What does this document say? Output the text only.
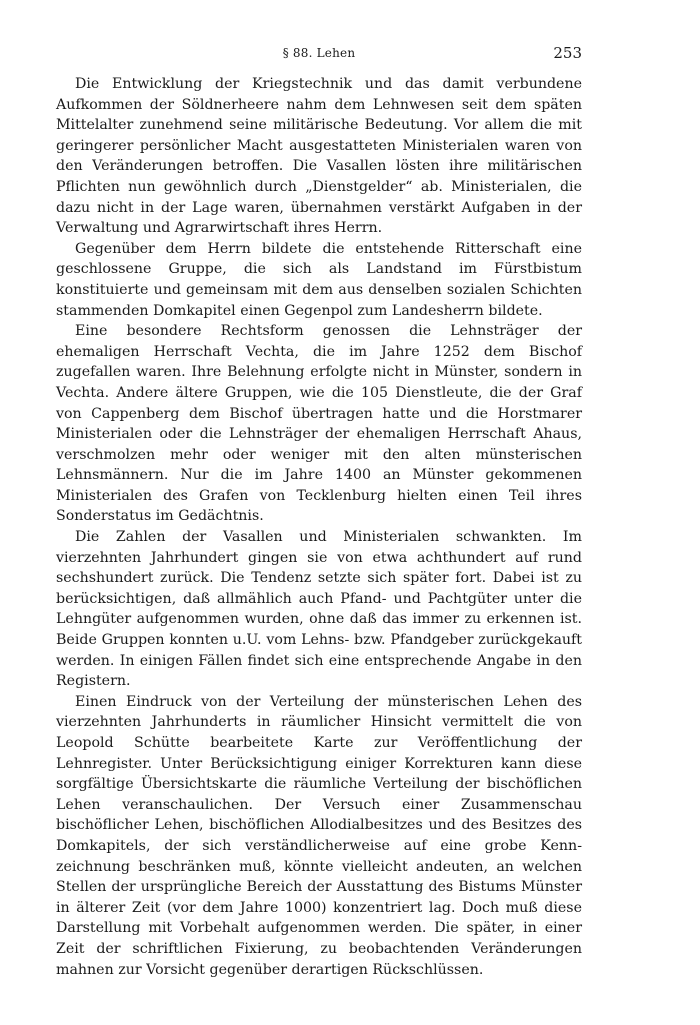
§ 88. Lehen	253

Die Entwicklung der Kriegstechnik und das damit verbundene Aufkommen der Söldnerheere nahm dem Lehnwesen seit dem späten Mittelalter zunehmend seine militärische Bedeutung. Vor allem die mit geringerer persönlicher Macht ausgestatteten Ministerialen waren von den Veränderungen betroffen. Die Vasallen lösten ihre militärischen Pflichten nun gewöhnlich durch „Dienstgelder“ ab. Ministerialen, die dazu nicht in der Lage waren, übernahmen verstärkt Aufgaben in der Verwaltung und Agrarwirtschaft ihres Herrn.

Gegenüber dem Herrn bildete die entstehende Ritterschaft eine geschlossene Gruppe, die sich als Landstand im Fürstbistum konstituierte und gemeinsam mit dem aus denselben sozialen Schichten stammenden Domkapitel einen Gegenpol zum Landesherrn bildete.

Eine besondere Rechtsform genossen die Lehnsträger der ehemaligen Herrschaft Vechta, die im Jahre 1252 dem Bischof zugefallen waren. Ihre Belehnung erfolgte nicht in Münster, sondern in Vechta. Andere ältere Gruppen, wie die 105 Dienstleute, die der Graf von Cappenberg dem Bischof übertragen hatte und die Horstmarer Ministerialen oder die Lehnsträger der ehemaligen Herrschaft Ahaus, verschmolzen mehr oder weniger mit den alten münsterischen Lehnsmännern. Nur die im Jahre 1400 an Münster gekommenen Ministerialen des Grafen von Tecklenburg hielten einen Teil ihres Sonderstatus im Gedächtnis.

Die Zahlen der Vasallen und Ministerialen schwankten. Im vierzehnten Jahrhundert gingen sie von etwa achthundert auf rund sechshundert zurück. Die Tendenz setzte sich später fort. Dabei ist zu berücksichtigen, daß allmählich auch Pfand- und Pachtgüter unter die Lehngüter aufgenommen wurden, ohne daß das immer zu erkennen ist. Beide Gruppen konnten u.U. vom Lehns- bzw. Pfandgeber zurückgekauft werden. In einigen Fällen findet sich eine entsprechende Angabe in den Registern.

Einen Eindruck von der Verteilung der münsterischen Lehen des vierzehnten Jahrhunderts in räumlicher Hinsicht vermittelt die von Leopold Schütte bearbeitete Karte zur Veröffentlichung der Lehnregister. Unter Berücksichtigung einiger Korrekturen kann diese sorgfältige Übersichtskarte die räumliche Verteilung der bischöflichen Lehen veranschaulichen. Der Versuch einer Zusammenschau bischöflicher Lehen, bischöflichen Allodialbesitzes und des Besitzes des Domkapitels, der sich verständlicherweise auf eine grobe Kennzeichnung beschränken muß, könnte vielleicht andeuten, an welchen Stellen der ursprüngliche Bereich der Ausstattung des Bistums Münster in älterer Zeit (vor dem Jahre 1000) konzentriert lag. Doch muß diese Darstellung mit Vorbehalt aufgenommen werden. Die später, in einer Zeit der schriftlichen Fixierung, zu beobachtenden Veränderungen mahnen zur Vorsicht gegenüber derartigen Rückschlüssen.
